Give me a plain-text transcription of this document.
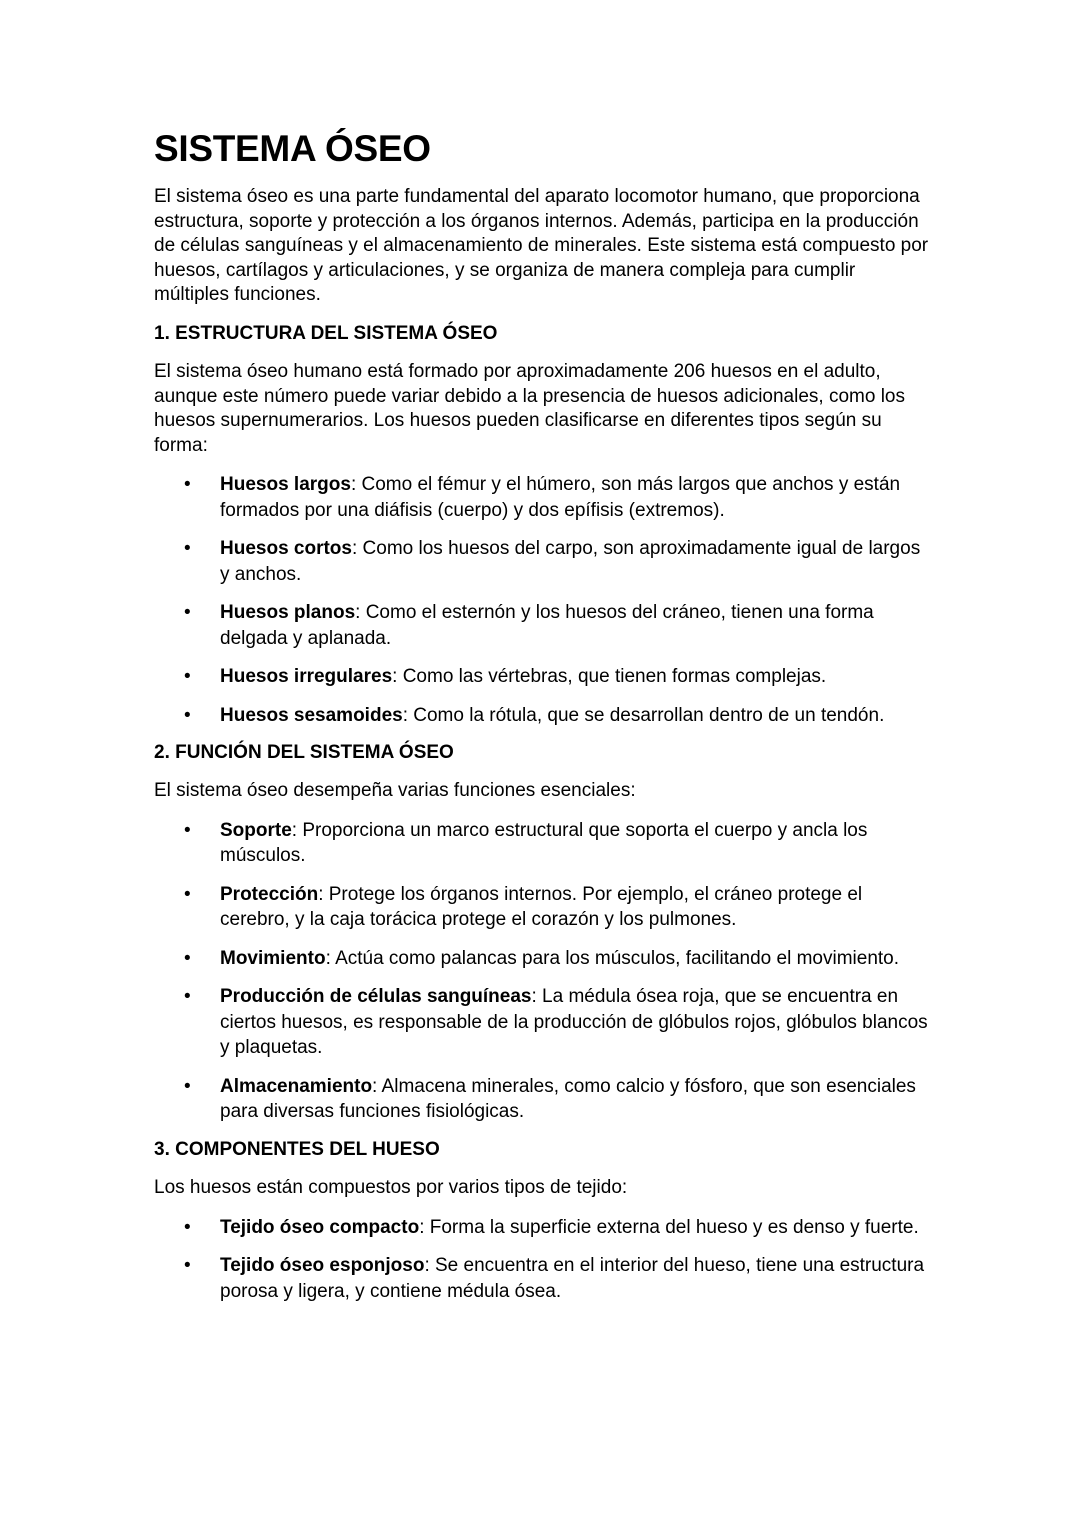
SISTEMA ÓSEO

El sistema óseo es una parte fundamental del aparato locomotor humano, que proporciona estructura, soporte y protección a los órganos internos. Además, participa en la producción de células sanguíneas y el almacenamiento de minerales. Este sistema está compuesto por huesos, cartílagos y articulaciones, y se organiza de manera compleja para cumplir múltiples funciones.

1. ESTRUCTURA DEL SISTEMA ÓSEO

El sistema óseo humano está formado por aproximadamente 206 huesos en el adulto, aunque este número puede variar debido a la presencia de huesos adicionales, como los huesos supernumerarios. Los huesos pueden clasificarse en diferentes tipos según su forma:

• Huesos largos: Como el fémur y el húmero, son más largos que anchos y están formados por una diáfisis (cuerpo) y dos epífisis (extremos).
• Huesos cortos: Como los huesos del carpo, son aproximadamente igual de largos y anchos.
• Huesos planos: Como el esternón y los huesos del cráneo, tienen una forma delgada y aplanada.
• Huesos irregulares: Como las vértebras, que tienen formas complejas.
• Huesos sesamoides: Como la rótula, que se desarrollan dentro de un tendón.
2. FUNCIÓN DEL SISTEMA ÓSEO

El sistema óseo desempeña varias funciones esenciales:

• Soporte: Proporciona un marco estructural que soporta el cuerpo y ancla los músculos.
• Protección: Protege los órganos internos. Por ejemplo, el cráneo protege el cerebro, y la caja torácica protege el corazón y los pulmones.
• Movimiento: Actúa como palancas para los músculos, facilitando el movimiento.
• Producción de células sanguíneas: La médula ósea roja, que se encuentra en ciertos huesos, es responsable de la producción de glóbulos rojos, glóbulos blancos y plaquetas.
• Almacenamiento: Almacena minerales, como calcio y fósforo, que son esenciales para diversas funciones fisiológicas.
3. COMPONENTES DEL HUESO

Los huesos están compuestos por varios tipos de tejido:

• Tejido óseo compacto: Forma la superficie externa del hueso y es denso y fuerte.
• Tejido óseo esponjoso: Se encuentra en el interior del hueso, tiene una estructura porosa y ligera, y contiene médula ósea.
